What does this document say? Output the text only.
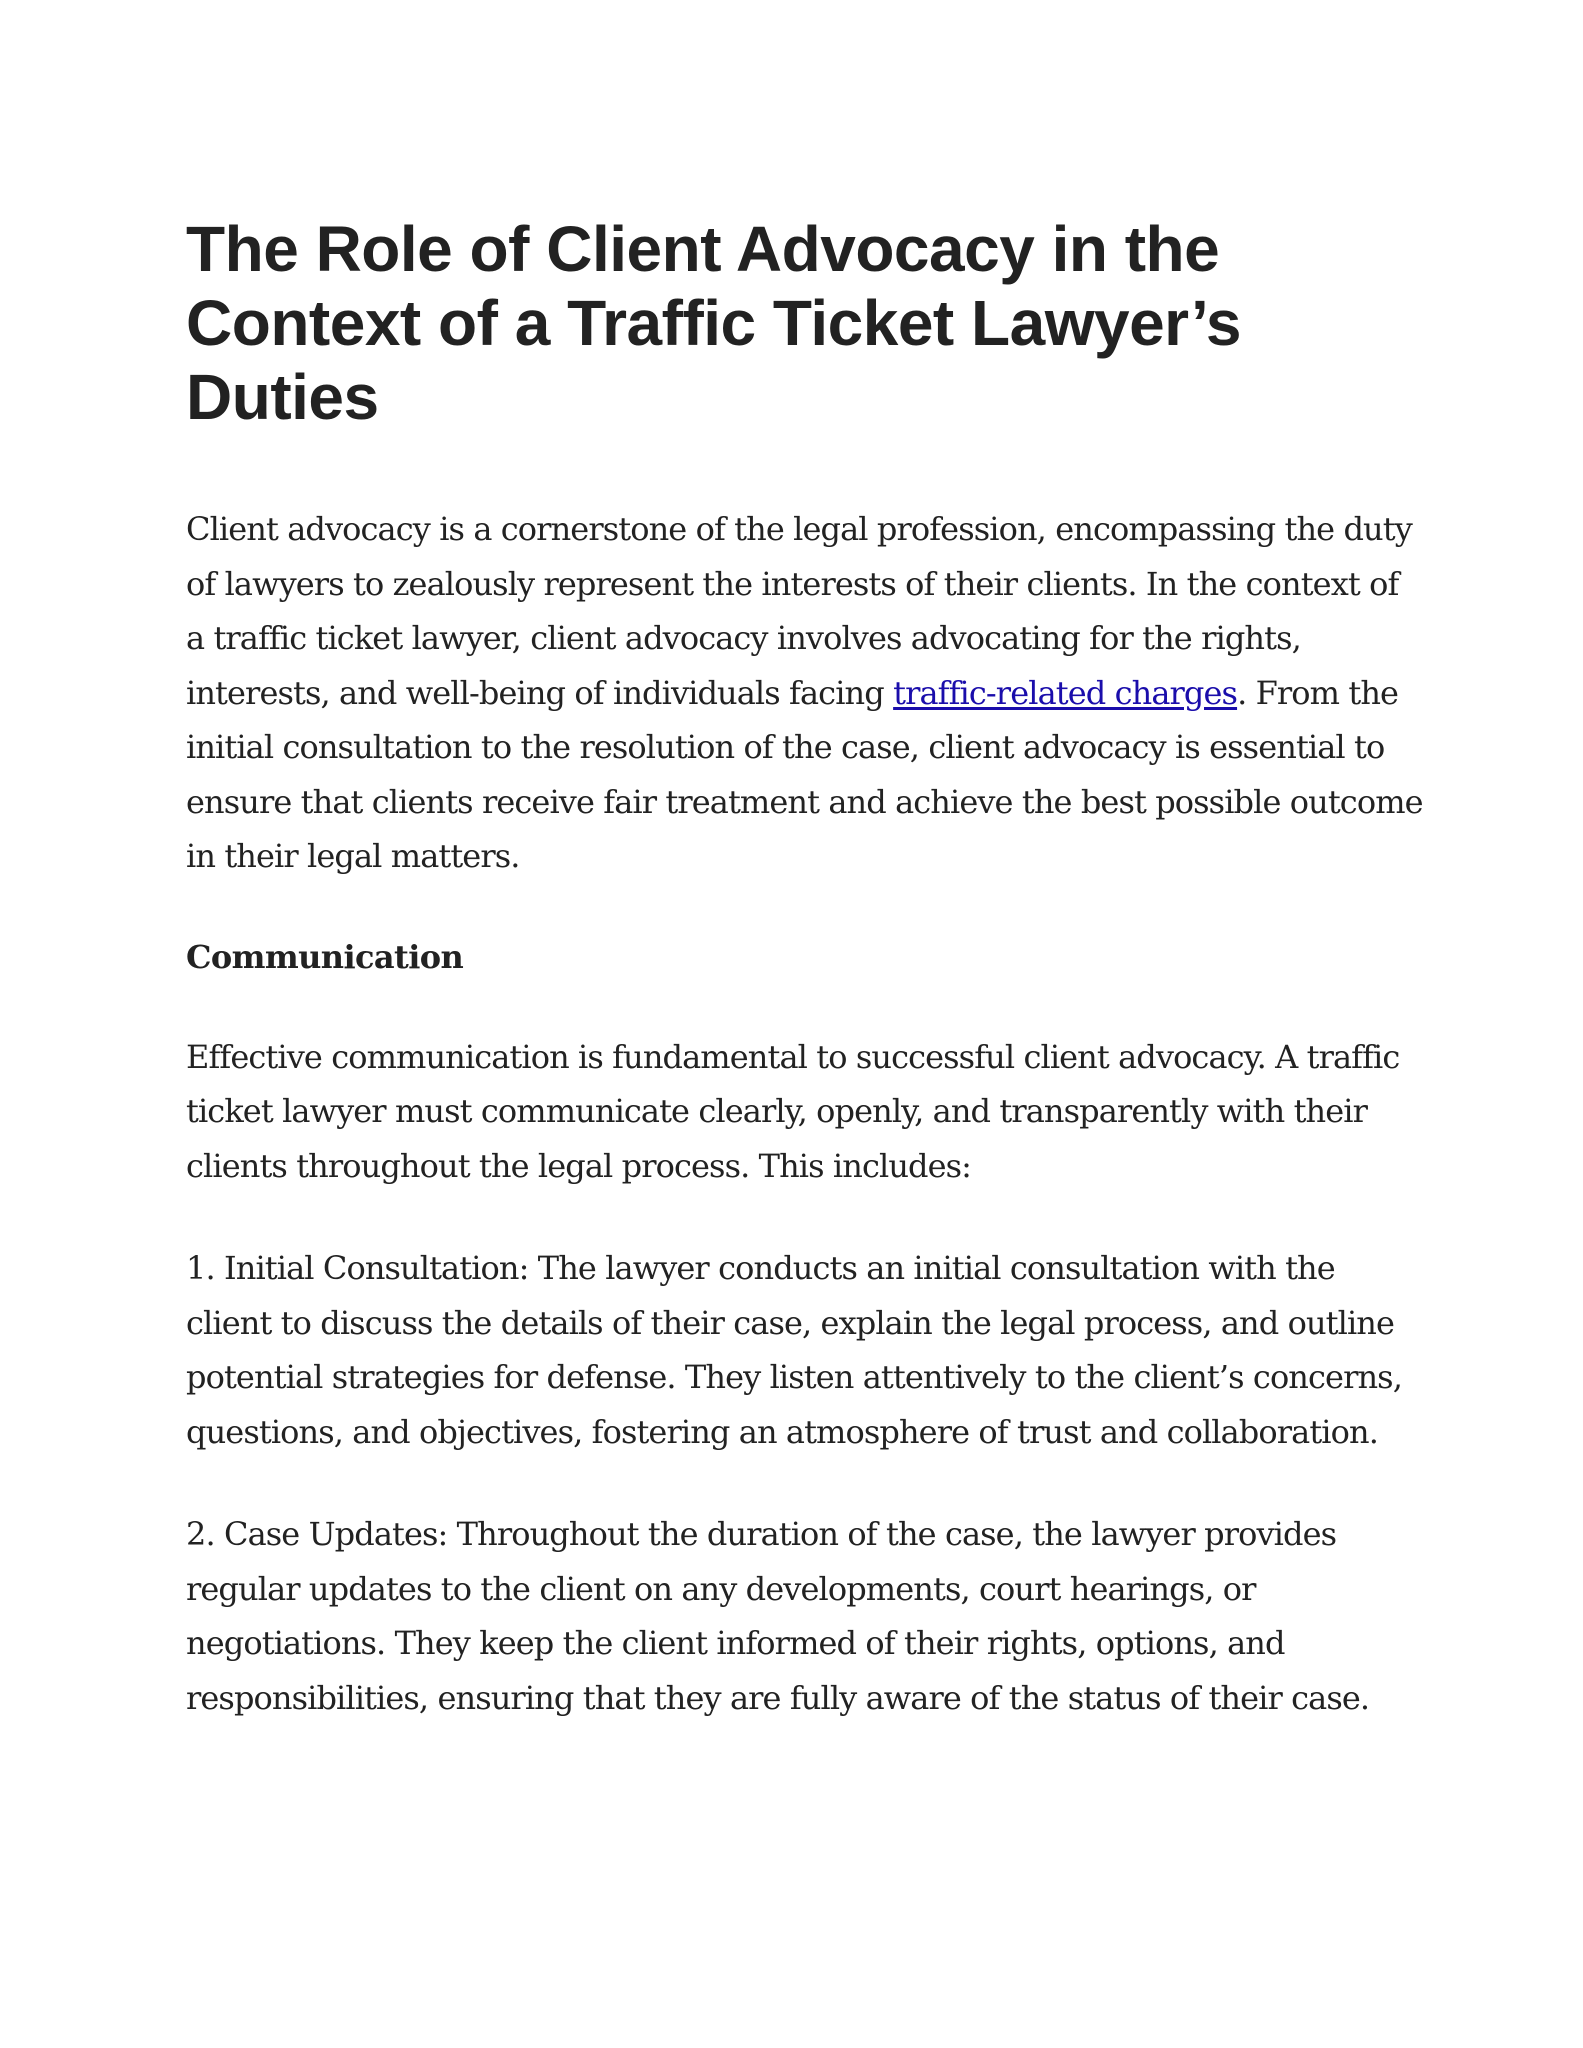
The Role of Client Advocacy in the
Context of a Traffic Ticket Lawyer’s
Duties

Client advocacy is a cornerstone of the legal profession, encompassing the duty
of lawyers to zealously represent the interests of their clients. In the context of
a traffic ticket lawyer, client advocacy involves advocating for the rights,
interests, and well-being of individuals facing traffic-related charges. From the
initial consultation to the resolution of the case, client advocacy is essential to
ensure that clients receive fair treatment and achieve the best possible outcome
in their legal matters.

Communication

Effective communication is fundamental to successful client advocacy. A traffic
ticket lawyer must communicate clearly, openly, and transparently with their
clients throughout the legal process. This includes:

1. Initial Consultation: The lawyer conducts an initial consultation with the
client to discuss the details of their case, explain the legal process, and outline
potential strategies for defense. They listen attentively to the client’s concerns,
questions, and objectives, fostering an atmosphere of trust and collaboration.

2. Case Updates: Throughout the duration of the case, the lawyer provides
regular updates to the client on any developments, court hearings, or
negotiations. They keep the client informed of their rights, options, and
responsibilities, ensuring that they are fully aware of the status of their case.
